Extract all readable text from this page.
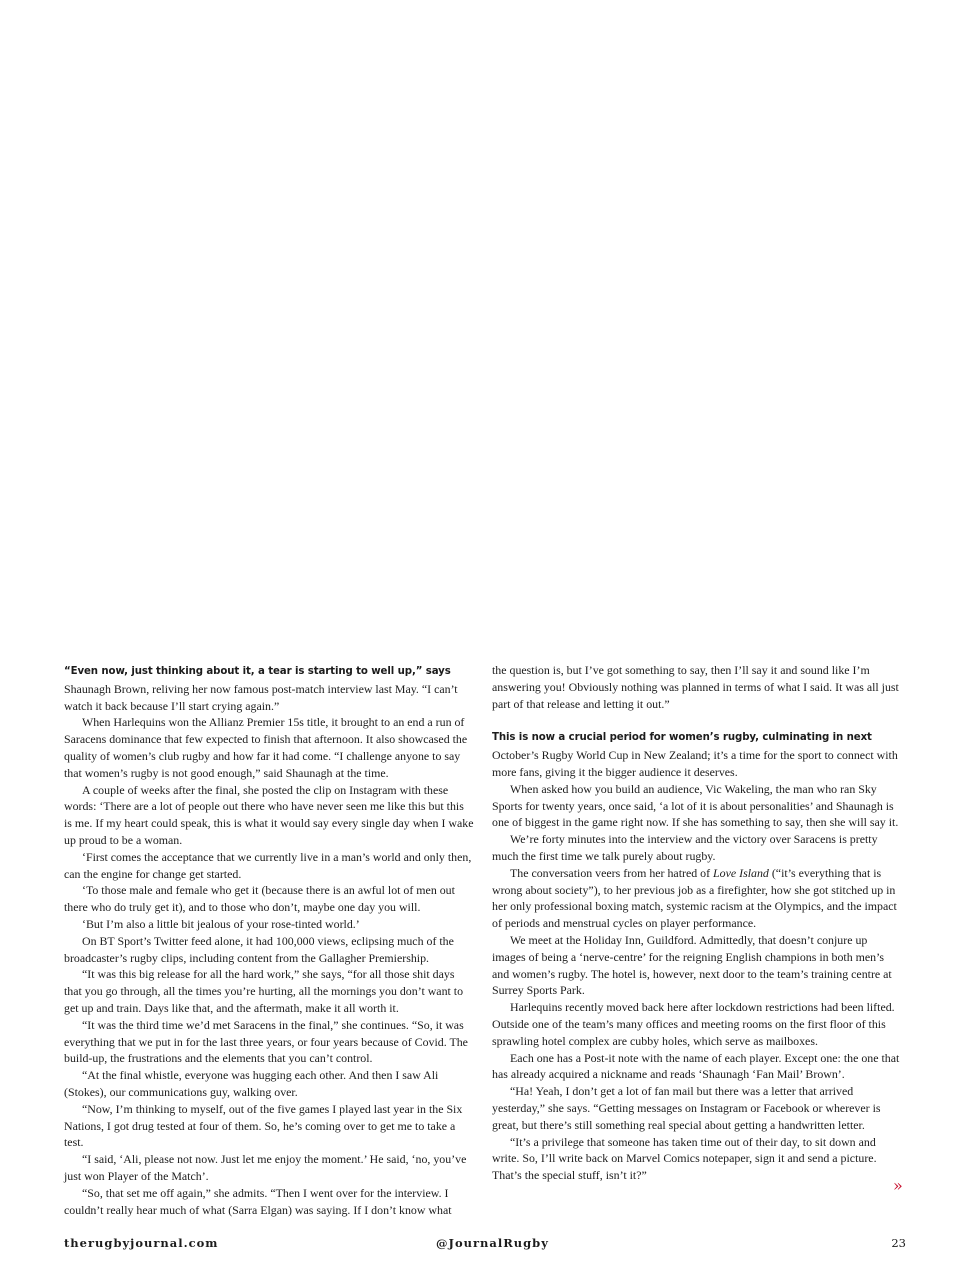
“Even now, just thinking about it, a tear is starting to well up,” says Shaunagh Brown, reliving her now famous post-match interview last May. “I can’t watch it back because I’ll start crying again.”

When Harlequins won the Allianz Premier 15s title, it brought to an end a run of Saracens dominance that few expected to finish that afternoon. It also showcased the quality of women’s club rugby and how far it had come. “I challenge anyone to say that women’s rugby is not good enough,” said Shaunagh at the time.

A couple of weeks after the final, she posted the clip on Instagram with these words: ‘There are a lot of people out there who have never seen me like this but this is me. If my heart could speak, this is what it would say every single day when I wake up proud to be a woman.

‘First comes the acceptance that we currently live in a man’s world and only then, can the engine for change get started.

‘To those male and female who get it (because there is an awful lot of men out there who do truly get it), and to those who don’t, maybe one day you will.

‘But I’m also a little bit jealous of your rose-tinted world.’

On BT Sport’s Twitter feed alone, it had 100,000 views, eclipsing much of the broadcaster’s rugby clips, including content from the Gallagher Premiership.

“It was this big release for all the hard work,” she says, “for all those shit days that you go through, all the times you’re hurting, all the mornings you don’t want to get up and train. Days like that, and the aftermath, make it all worth it.

“It was the third time we’d met Saracens in the final,” she continues. “So, it was everything that we put in for the last three years, or four years because of Covid. The build-up, the frustrations and the elements that you can’t control.

“At the final whistle, everyone was hugging each other. And then I saw Ali (Stokes), our communications guy, walking over.

“Now, I’m thinking to myself, out of the five games I played last year in the Six Nations, I got drug tested at four of them. So, he’s coming over to get me to take a test.

“I said, ‘Ali, please not now. Just let me enjoy the moment.’ He said, ‘no, you’ve just won Player of the Match’.

“So, that set me off again,” she admits. “Then I went over for the interview. I couldn’t really hear much of what (Sarra Elgan) was saying. If I don’t know what

the question is, but I’ve got something to say, then I’ll say it and sound like I’m answering you! Obviously nothing was planned in terms of what I said. It was all just part of that release and letting it out.”

This is now a crucial period for women’s rugby, culminating in next October’s Rugby World Cup in New Zealand; it’s a time for the sport to connect with more fans, giving it the bigger audience it deserves.

When asked how you build an audience, Vic Wakeling, the man who ran Sky Sports for twenty years, once said, ‘a lot of it is about personalities’ and Shaunagh is one of biggest in the game right now. If she has something to say, then she will say it.

We’re forty minutes into the interview and the victory over Saracens is pretty much the first time we talk purely about rugby.

The conversation veers from her hatred of Love Island (“it’s everything that is wrong about society”), to her previous job as a firefighter, how she got stitched up in her only professional boxing match, systemic racism at the Olympics, and the impact of periods and menstrual cycles on player performance.

We meet at the Holiday Inn, Guildford. Admittedly, that doesn’t conjure up images of being a ‘nerve-centre’ for the reigning English champions in both men’s and women’s rugby. The hotel is, however, next door to the team’s training centre at Surrey Sports Park.

Harlequins recently moved back here after lockdown restrictions had been lifted. Outside one of the team’s many offices and meeting rooms on the first floor of this sprawling hotel complex are cubby holes, which serve as mailboxes.

Each one has a Post-it note with the name of each player. Except one: the one that has already acquired a nickname and reads ‘Shaunagh ‘Fan Mail’ Brown’.

“Ha! Yeah, I don’t get a lot of fan mail but there was a letter that arrived yesterday,” she says. “Getting messages on Instagram or Facebook or wherever is great, but there’s still something real special about getting a handwritten letter.

“It’s a privilege that someone has taken time out of their day, to sit down and write. So, I’ll write back on Marvel Comics notepaper, sign it and send a picture. That’s the special stuff, isn’t it?”

»
therugbyjournal.com	@JournalRugby	23
